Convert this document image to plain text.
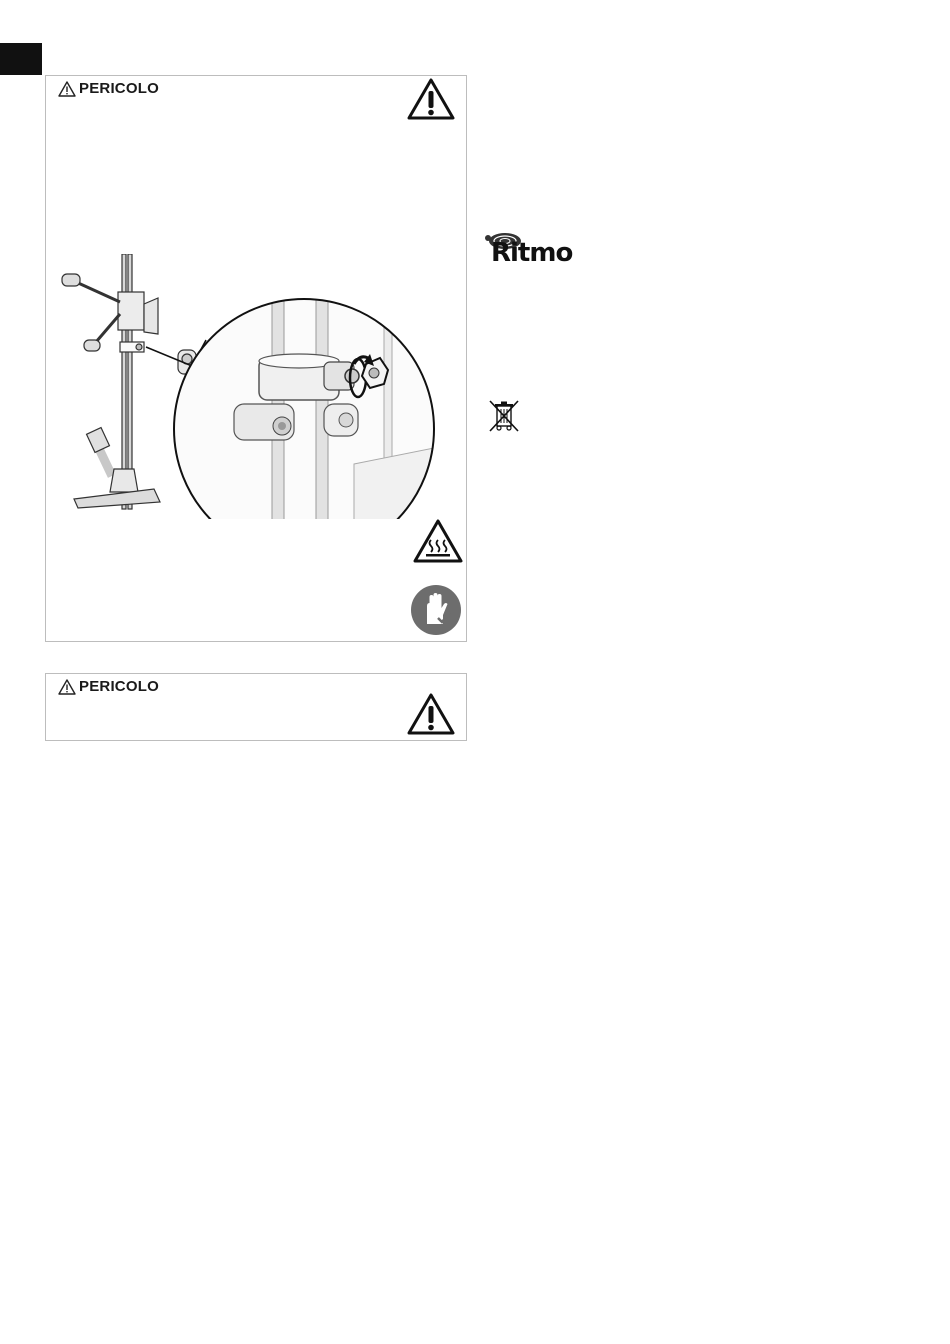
PERICOLO
PERICOLO
Ritmo
